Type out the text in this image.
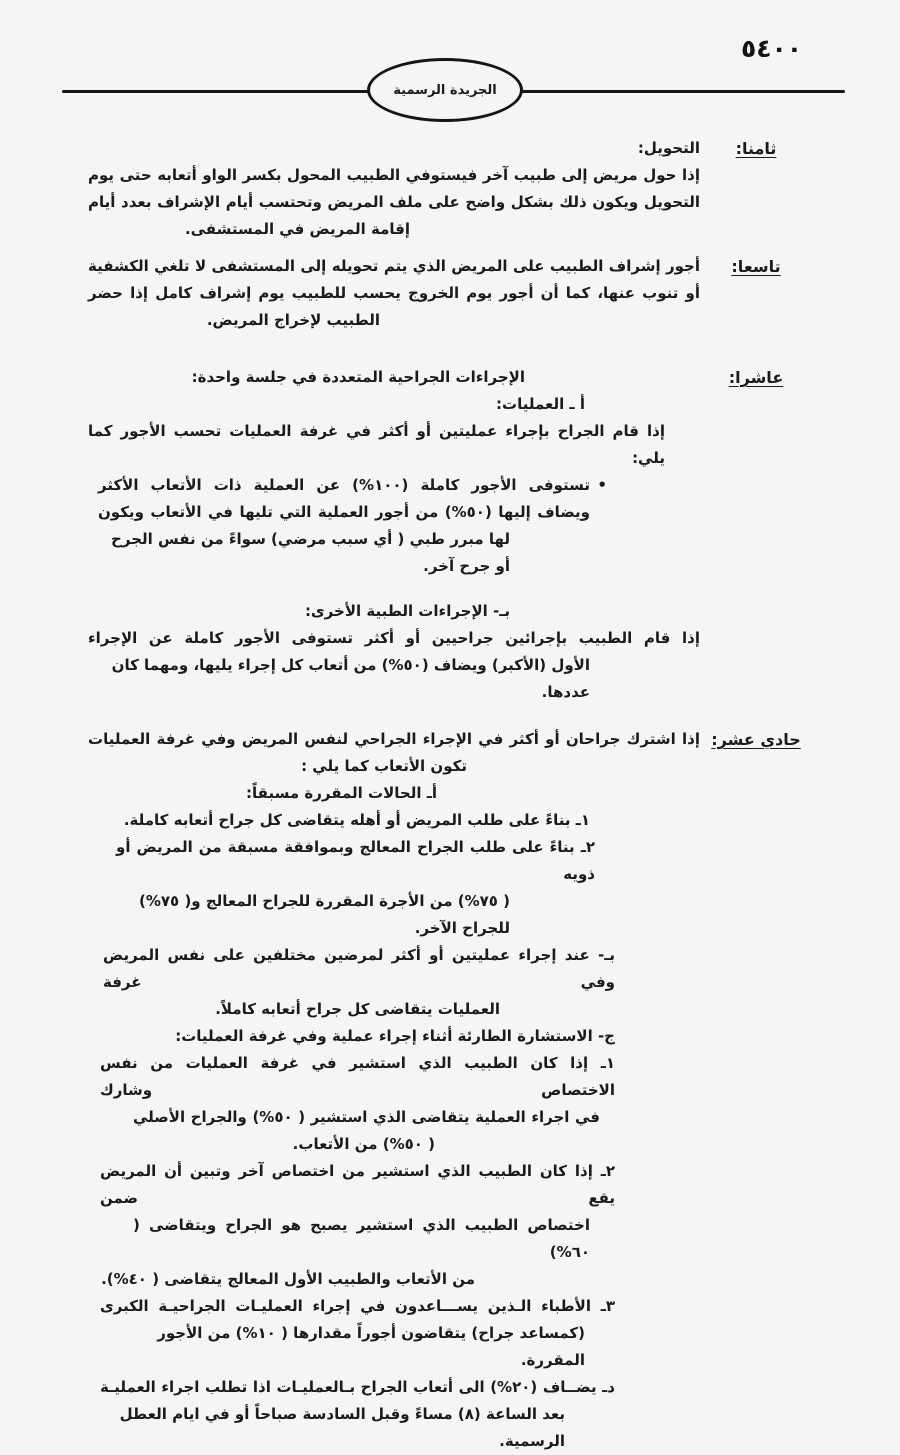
٥٤٠٠
الجريدة الرسمية
ثامنا:
التحويل:
إذا حول مريض إلى طبيب آخر فيستوفي الطبيب المحول بكسر الواو أتعابه حتى يوم
التحويل ويكون ذلك بشكل واضح على ملف المريض وتحتسب أيام الإشراف بعدد أيام
إقامة المريض في المستشفى.
تاسعا:
أجور إشراف الطبيب على المريض الذي يتم تحويله إلى المستشفى لا تلغي الكشفية
أو تنوب عنها، كما أن أجور يوم الخروج يحسب للطبيب يوم إشراف كامل إذا حضر
الطبيب لإخراج المريض.
عاشرا:
الإجراءات الجراحية المتعددة في جلسة واحدة:
أ ـ العمليات:
إذا قام الجراح بإجراء عمليتين أو أكثر في غرفة العمليات تحسب الأجور كما يلي:
•
تستوفى الأجور كاملة (١٠٠%) عن العملية ذات الأتعاب الأكثر
ويضاف إليها (٥٠%) من أجور العملية التي تليها في الأتعاب ويكون
لها مبرر طبي ( أي سبب مرضي) سواءً من نفس الجرح أو جرح آخر.
بـ- الإجراءات الطبية الأخرى:
إذا قام الطبيب بإجرائين جراحيين أو أكثر تستوفى الأجور كاملة عن الإجراء
الأول (الأكبر) ويضاف (٥٠%) من أتعاب كل إجراء يليها، ومهما كان عددها.
حادي عشر:
إذا اشترك جراحان أو أكثر في الإجراء الجراحي لنفس المريض وفي غرفة العمليات
تكون الأتعاب كما يلي :
أـ الحالات المقررة مسبقاً:
١ـ بناءً على طلب المريض أو أهله يتقاضى كل جراح أتعابه كاملة.
٢ـ بناءً على طلب الجراح المعالج وبموافقة مسبقة من المريض أو ذويه
( ٧٥%) من الأجرة المقررة للجراح المعالج و( ٧٥%) للجراح الآخر.
بـ- عند إجراء عمليتين أو أكثر لمرضين مختلفين على نفس المريض وفي غرفة
العمليات يتقاضى كل جراح أتعابه كاملاً.
ج- الاستشارة الطارئة أثناء إجراء عملية وفي غرفة العمليات:
١ـ إذا كان الطبيب الذي استشير في غرفة العمليات من نفس الاختصاص وشارك
في اجراء العملية يتقاضى الذي استشير ( ٥٠%) والجراح الأصلي
( ٥٠%) من الأتعاب.
٢ـ إذا كان الطبيب الذي استشير من اختصاص آخر وتبين أن المريض يقع ضمن
اختصاص الطبيب الذي استشير يصبح هو الجراح ويتقاضى ( ٦٠%)
من الأتعاب والطبيب الأول المعالج يتقاضى ( ٤٠%).
٣ـ الأطباء الـذين يســـاعدون في إجراء العمليـات الجراحيـة الكبرى
(كمساعد جراح) يتقاضون أجوراً مقدارها ( ١٠%) من الأجور المقررة.
دـ يضــاف (٢٠%) الى أتعاب الجراح بـالعمليـات اذا تطلب اجراء العمليـة
بعد الساعة (٨) مساءً وقبل السادسة صباحاً أو في ايام العطل الرسمية.
